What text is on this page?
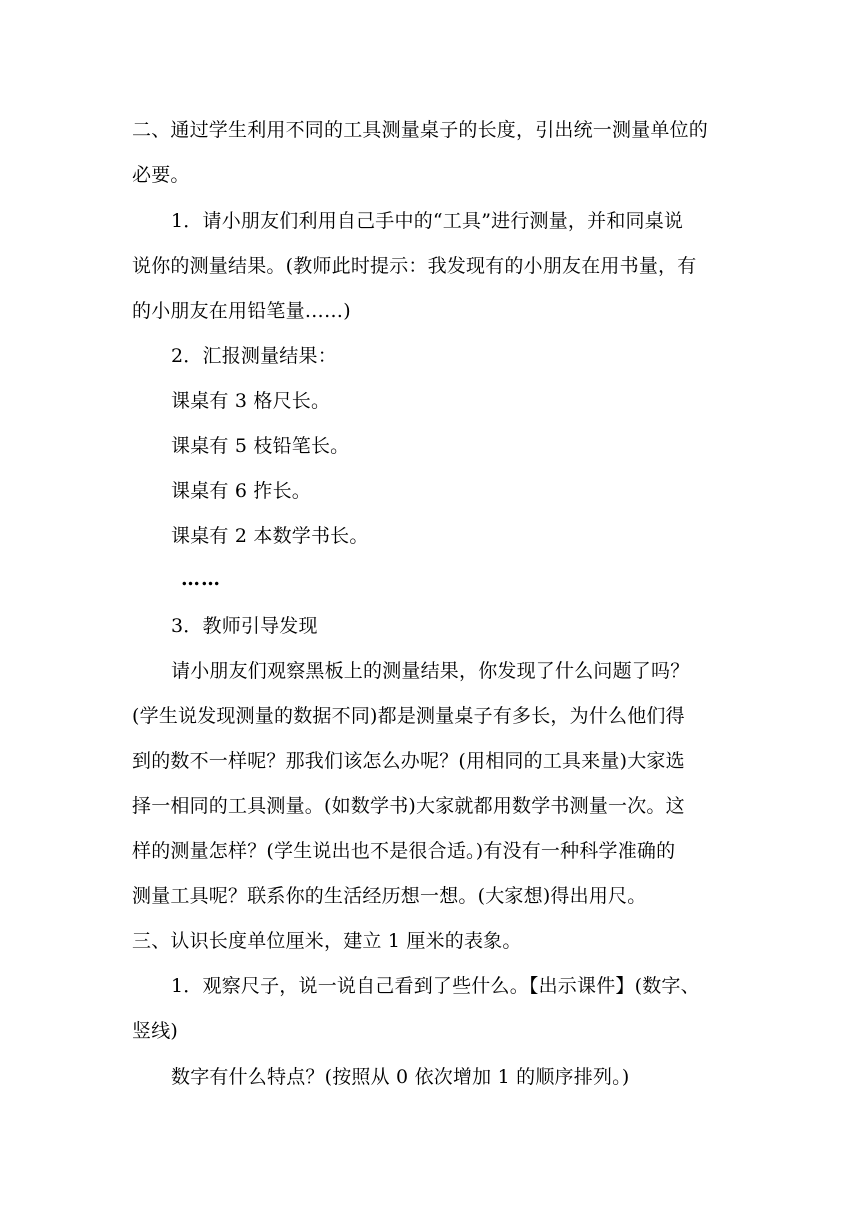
二、通过学生利用不同的工具测量桌子的长度，引出统一测量单位的
必要。
1．请小朋友们利用自己手中的“工具”进行测量，并和同桌说
说你的测量结果。(教师此时提示：我发现有的小朋友在用书量，有
的小朋友在用铅笔量……)
2．汇报测量结果：
课桌有 3 格尺长。
课桌有 5 枝铅笔长。
课桌有 6 拃长。
课桌有 2 本数学书长。
……
3．教师引导发现
请小朋友们观察黑板上的测量结果，你发现了什么问题了吗？
(学生说发现测量的数据不同)都是测量桌子有多长，为什么他们得
到的数不一样呢？那我们该怎么办呢？(用相同的工具来量)大家选
择一相同的工具测量。(如数学书)大家就都用数学书测量一次。这
样的测量怎样？(学生说出也不是很合适。)有没有一种科学准确的
测量工具呢？联系你的生活经历想一想。(大家想)得出用尺。
三、认识长度单位厘米，建立 1 厘米的表象。
1．观察尺子，说一说自己看到了些什么。【出示课件】(数字、
竖线)
数字有什么特点？(按照从 0 依次增加 1 的顺序排列。)
